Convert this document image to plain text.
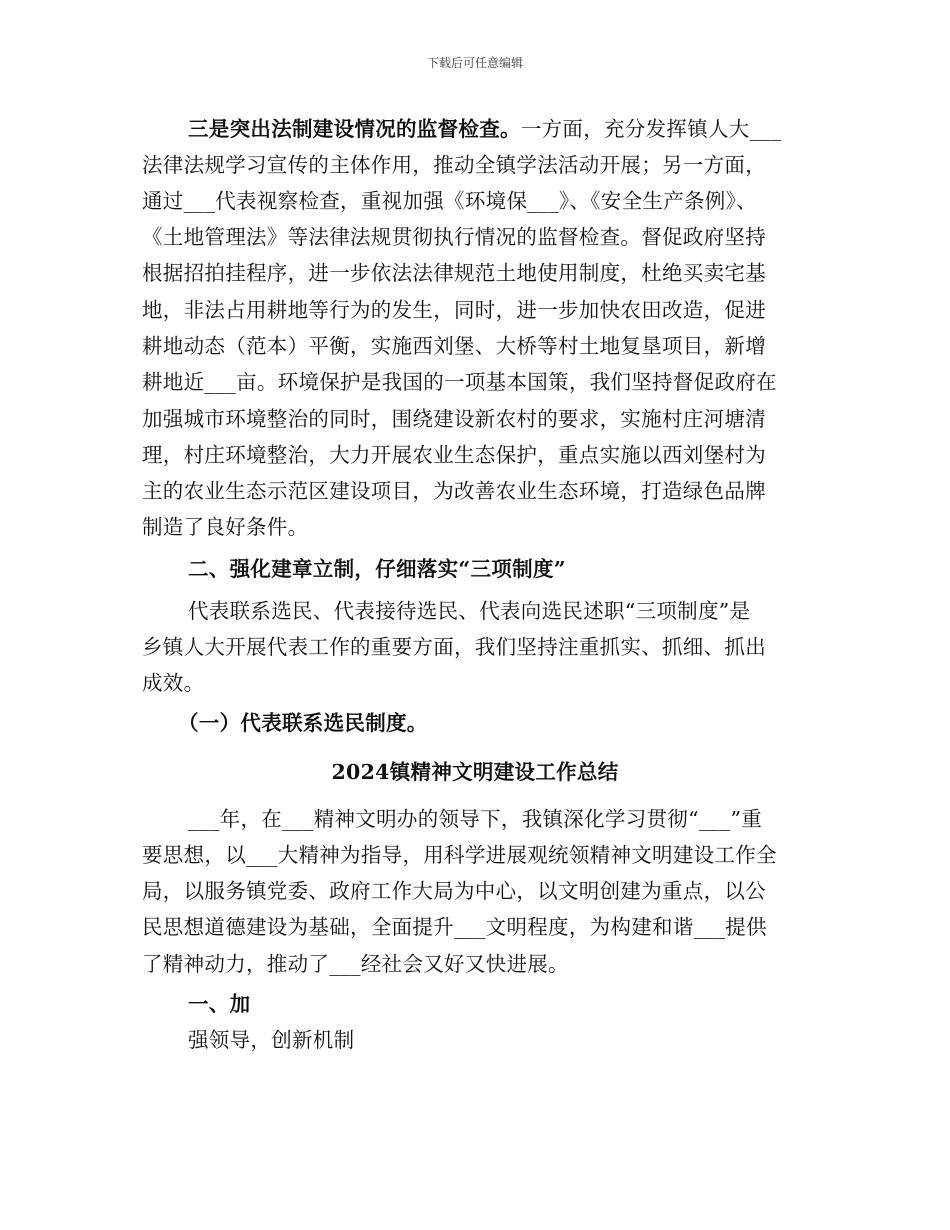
下载后可任意编辑
三是突出法制建设情况的监督检查。一方面，充分发挥镇人大___
法律法规学习宣传的主体作用，推动全镇学法活动开展；另一方面，
通过___代表视察检查，重视加强《环境保___》、《安全生产条例》、
《土地管理法》等法律法规贯彻执行情况的监督检查。督促政府坚持
根据招拍挂程序，进一步依法法律规范土地使用制度，杜绝买卖宅基
地，非法占用耕地等行为的发生，同时，进一步加快农田改造，促进
耕地动态（范本）平衡，实施西刘堡、大桥等村土地复垦项目，新增
耕地近___亩。环境保护是我国的一项基本国策，我们坚持督促政府在
加强城市环境整治的同时，围绕建设新农村的要求，实施村庄河塘清
理，村庄环境整治，大力开展农业生态保护，重点实施以西刘堡村为
主的农业生态示范区建设项目，为改善农业生态环境，打造绿色品牌
制造了良好条件。
二、强化建章立制，仔细落实“三项制度”
代表联系选民、代表接待选民、代表向选民述职“三项制度”是
乡镇人大开展代表工作的重要方面，我们坚持注重抓实、抓细、抓出
成效。
（一）代表联系选民制度。
2024镇精神文明建设工作总结
___年，在___精神文明办的领导下，我镇深化学习贯彻“___”重
要思想，以___大精神为指导，用科学进展观统领精神文明建设工作全
局，以服务镇党委、政府工作大局为中心，以文明创建为重点，以公
民思想道德建设为基础，全面提升___文明程度，为构建和谐___提供
了精神动力，推动了___经社会又好又快进展。
一、加
强领导，创新机制
